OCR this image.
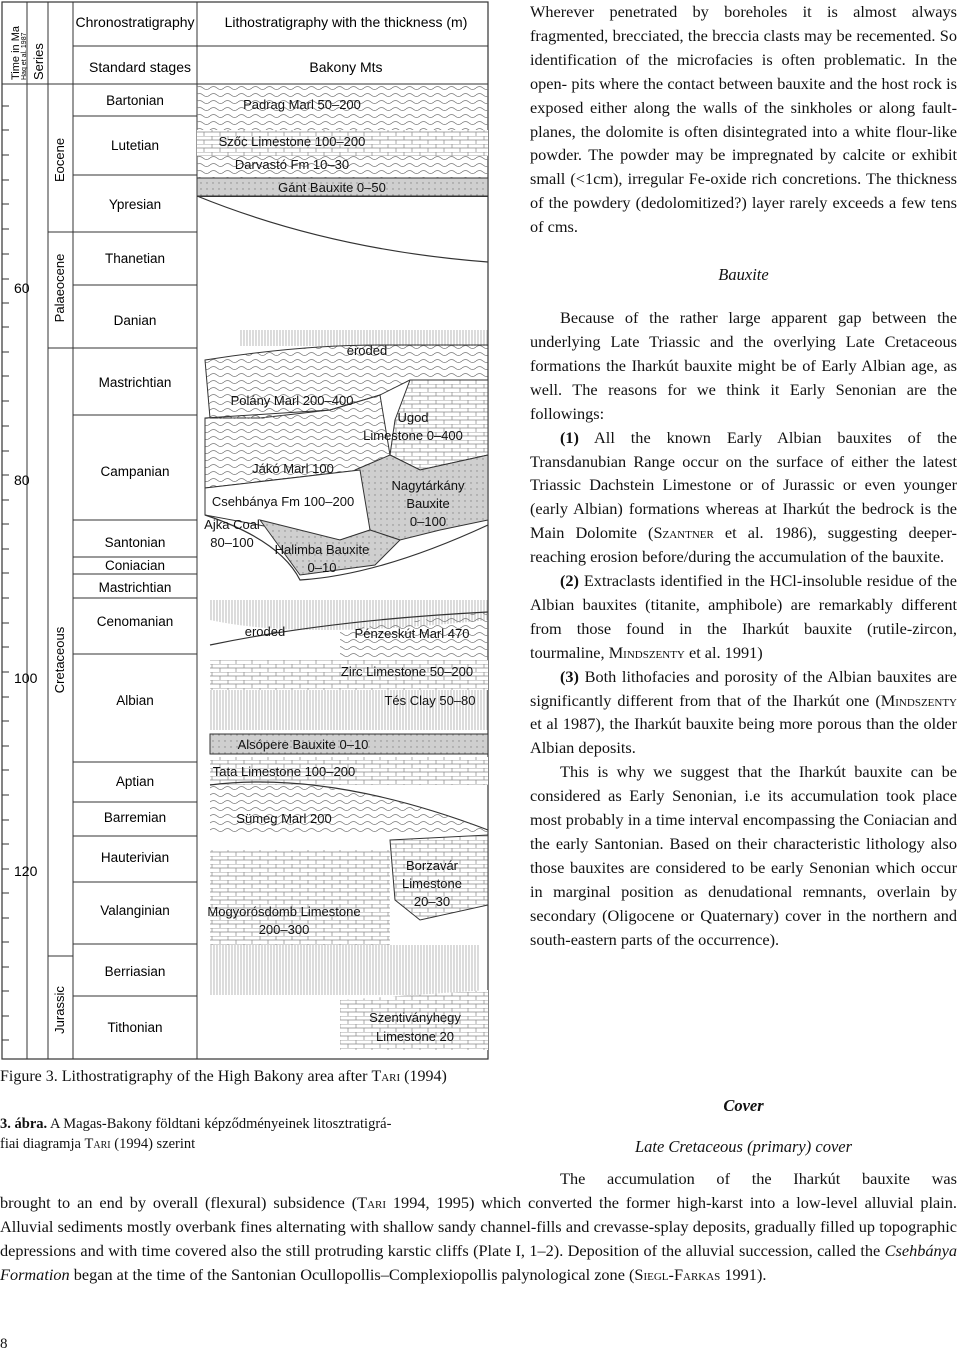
Time in Ma Haq et al. 1987 Series
Chronostratigraphy
Standard stages
Lithostratigraphy with the thickness (m)
Bakony Mts
60
80
100
120
Eocene
Palaeocene
Cretaceous
Jurassic
Bartonian
Lutetian
Ypresian
Thanetian
Danian
Mastrichtian
Campanian
Santonian
Coniacian
Mastrichtian
Cenomanian
Albian
Aptian
Barremian
Hauterivian
Valanginian
Berriasian
Tithonian
Padrag Marl 50–200
Szőc Limestone 100–200
Darvastó Fm 10–30
Gánt Bauxite 0–50
eroded
Polány Marl 200–400
Ugod
Limestone 0–400
Jákó Marl 100
Nagytárkány
Bauxite
0–100
Csehbánya Fm 100–200
Ajka Coal
80–100 Halimba Bauxite
0–10
eroded	Pénzeskút Marl 470
Zirc Limestone 50–200
Tés Clay 50–80
Alsópere Bauxite 0–10
Tata Limestone 100–200
Sümeg Marl 200
Borzavár
Limestone
20–30
Mogyorósdomb Limestone
200–300
Szentiványhegy
Limestone 20
Figure 3. Lithostratigraphy of the High Bakony area after Tari (1994)
3. ábra. A Magas-Bakony földtani képződményeinek litosztratigrá-
fiai diagramja Tari (1994) szerint

Wherever penetrated by boreholes it is almost always fragmented, brecciated, the breccia clasts may be recemented. So identification of the microfacies is often problematic. In the open- pits where the contact between bauxite and the host rock is exposed either along the walls of the sinkholes or along fault-planes, the dolomite is often disintegrated into a white flour-like powder. The powder may be impregnated by calcite or exhibit small (<1cm), irregular Fe-oxide rich concretions. The thickness of the powdery (dedolomitized?) layer rarely exceeds a few tens of cms.

Bauxite

Because of the rather large apparent gap between the underlying Late Triassic and the overlying Late Cretaceous formations the Iharkút bauxite might be of Early Albian age, as well. The reasons for we think it Early Senonian are the followings:

(1) All the known Early Albian bauxites of the Transdanubian Range occur on the surface of either the latest Triassic Dachstein Limestone or of Jurassic or even younger (early Albian) formations whereas at Iharkút the bedrock is the Main Dolomite (Szantner et al. 1986), suggesting deeper-reaching erosion before/during the accumulation of the bauxite.

(2) Extraclasts identified in the HCl-insoluble residue of the Albian bauxites (titanite, amphibole) are remarkably different from those found in the Iharkút bauxite (rutile-zircon, tourmaline, Mindszenty et al. 1991)

(3) Both lithofacies and porosity of the Albian bauxites are significantly different from that of the Iharkút one (Mindszenty et al 1987), the Iharkút bauxite being more porous than the older Albian deposits.

This is why we suggest that the Iharkút bauxite can be considered as Early Senonian, i.e its accumulation took place most probably in a time interval encompassing the Coniacian and the early Santonian. Based on their characteristic lithology also those bauxites are considered to be early Senonian which occur in marginal position as denudational remnants, overlain by secondary (Oligocene or Quaternary) cover in the northern and south-eastern parts of the occurrence).

Cover
Late Cretaceous (primary) cover
The accumulation of the Iharkút bauxite was

brought to an end by overall (flexural) subsidence (Tari 1994, 1995) which converted the former high-karst into a low-level alluvial plain. Alluvial sediments mostly overbank fines alternating with shallow sandy channel-fills and crevasse-splay deposits, gradually filled up topographic depressions and with time covered also the still protruding karstic cliffs (Plate I, 1–2). Deposition of the alluvial succession, called the Csehbánya Formation began at the time of the Santonian Ocullopollis–Complexiopollis palynological zone (Siegl-Farkas 1991).

8
